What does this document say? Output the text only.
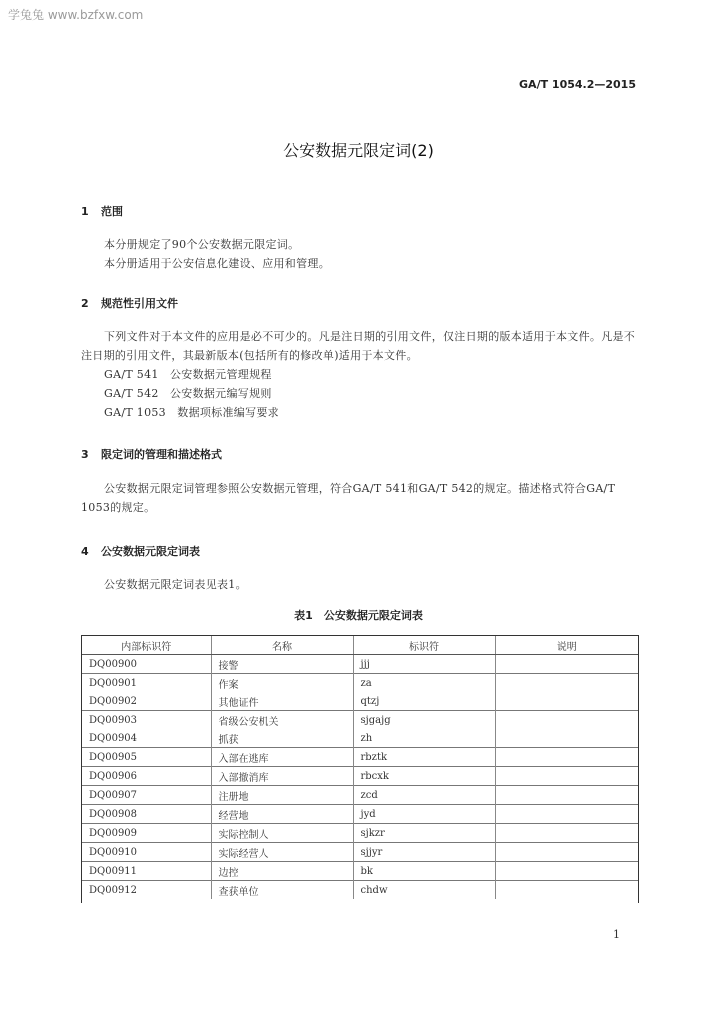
学兔兔 www.bzfxw.com
GA/T 1054.2—2015
公安数据元限定词(2)
1 范围

本分册规定了90个公安数据元限定词。

本分册适用于公安信息化建设、应用和管理。

2 规范性引用文件

下列文件对于本文件的应用是必不可少的。凡是注日期的引用文件，仅注日期的版本适用于本文件。凡是不注日期的引用文件，其最新版本(包括所有的修改单)适用于本文件。

GA/T 541　公安数据元管理规程

GA/T 542　公安数据元编写规则

GA/T 1053　数据项标准编写要求

3 限定词的管理和描述格式

公安数据元限定词管理参照公安数据元管理，符合GA/T 541和GA/T 542的规定。描述格式符合GA/T 1053的规定。

4 公安数据元限定词表

公安数据元限定词表见表1。

表1　公安数据元限定词表
内部标识符	名称	标识符	说明
DQ00900	接警	jjj	
DQ00901	作案	za	
DQ00902	其他证件	qtzj	
DQ00903	省级公安机关	sjgajg	
DQ00904	抓获	zh	
DQ00905	入部在逃库	rbztk	
DQ00906	入部撤消库	rbcxk	
DQ00907	注册地	zcd	
DQ00908	经营地	jyd	
DQ00909	实际控制人	sjkzr	
DQ00910	实际经营人	sjjyr	
DQ00911	边控	bk	
DQ00912	查获单位	chdw	
1
